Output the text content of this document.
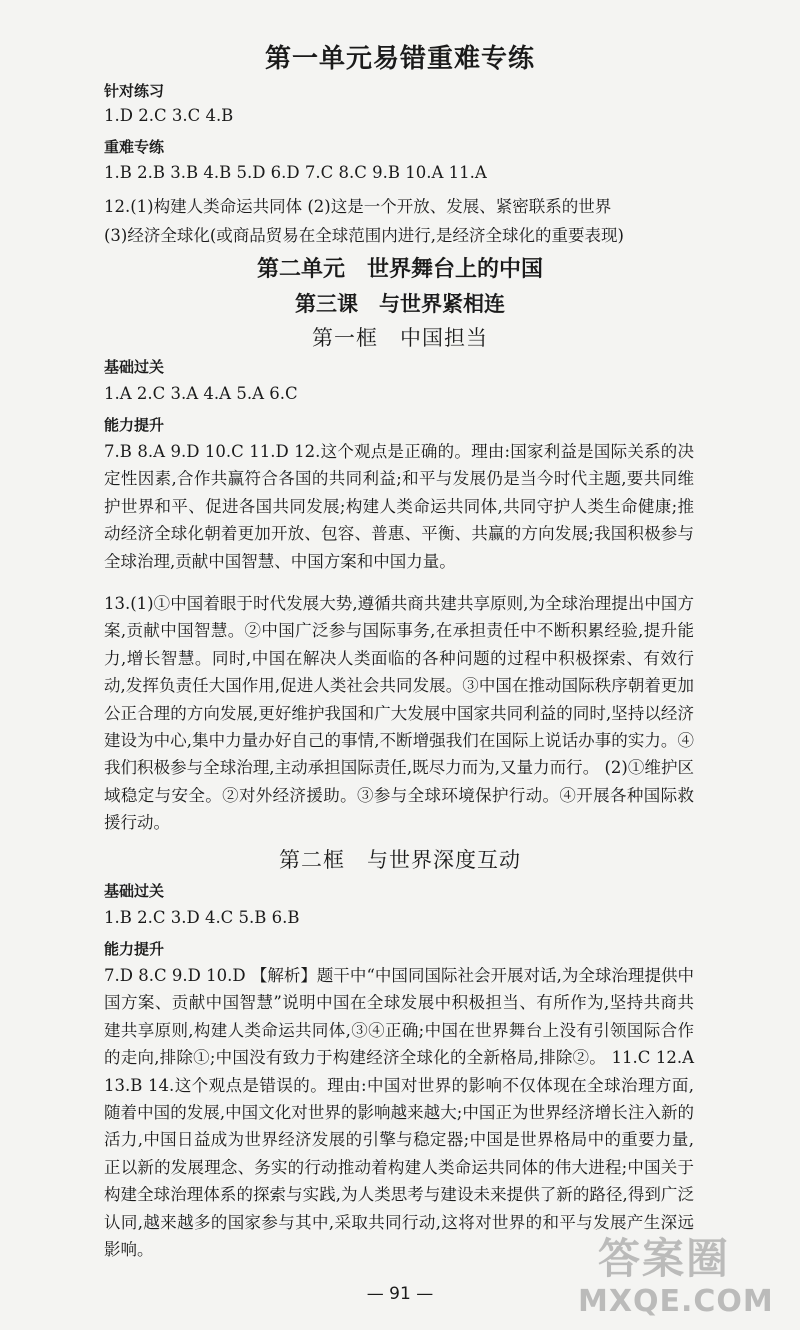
第一单元易错重难专练

针对练习

1.D 2.C 3.C 4.B

重难专练

1.B 2.B 3.B 4.B 5.D 6.D 7.C 8.C 9.B 10.A 11.A

12.(1)构建人类命运共同体 (2)这是一个开放、发展、紧密联系的世界

(3)经济全球化(或商品贸易在全球范围内进行,是经济全球化的重要表现)

第二单元　世界舞台上的中国
第三课　与世界紧相连
第一框　中国担当

基础过关

1.A 2.C 3.A 4.A 5.A 6.C

能力提升

7.B 8.A 9.D 10.C 11.D 12.这个观点是正确的。理由:国家利益是国际关系的决定性因素,合作共赢符合各国的共同利益;和平与发展仍是当今时代主题,要共同维护世界和平、促进各国共同发展;构建人类命运共同体,共同守护人类生命健康;推动经济全球化朝着更加开放、包容、普惠、平衡、共赢的方向发展;我国积极参与全球治理,贡献中国智慧、中国方案和中国力量。

13.(1)①中国着眼于时代发展大势,遵循共商共建共享原则,为全球治理提出中国方案,贡献中国智慧。②中国广泛参与国际事务,在承担责任中不断积累经验,提升能力,增长智慧。同时,中国在解决人类面临的各种问题的过程中积极探索、有效行动,发挥负责任大国作用,促进人类社会共同发展。③中国在推动国际秩序朝着更加公正合理的方向发展,更好维护我国和广大发展中国家共同利益的同时,坚持以经济建设为中心,集中力量办好自己的事情,不断增强我们在国际上说话办事的实力。④我们积极参与全球治理,主动承担国际责任,既尽力而为,又量力而行。 (2)①维护区域稳定与安全。②对外经济援助。③参与全球环境保护行动。④开展各种国际救援行动。

第二框　与世界深度互动

基础过关

1.B 2.C 3.D 4.C 5.B 6.B

能力提升

7.D 8.C 9.D 10.D 【解析】题干中“中国同国际社会开展对话,为全球治理提供中国方案、贡献中国智慧”说明中国在全球发展中积极担当、有所作为,坚持共商共建共享原则,构建人类命运共同体,③④正确;中国在世界舞台上没有引领国际合作的走向,排除①;中国没有致力于构建经济全球化的全新格局,排除②。 11.C 12.A 13.B 14.这个观点是错误的。理由:中国对世界的影响不仅体现在全球治理方面,随着中国的发展,中国文化对世界的影响越来越大;中国正为世界经济增长注入新的活力,中国日益成为世界经济发展的引擎与稳定器;中国是世界格局中的重要力量,正以新的发展理念、务实的行动推动着构建人类命运共同体的伟大进程;中国关于构建全球治理体系的探索与实践,为人类思考与建设未来提供了新的路径,得到广泛认同,越来越多的国家参与其中,采取共同行动,这将对世界的和平与发展产生深远影响。

— 91 —

答案圈
MXQE.COM
